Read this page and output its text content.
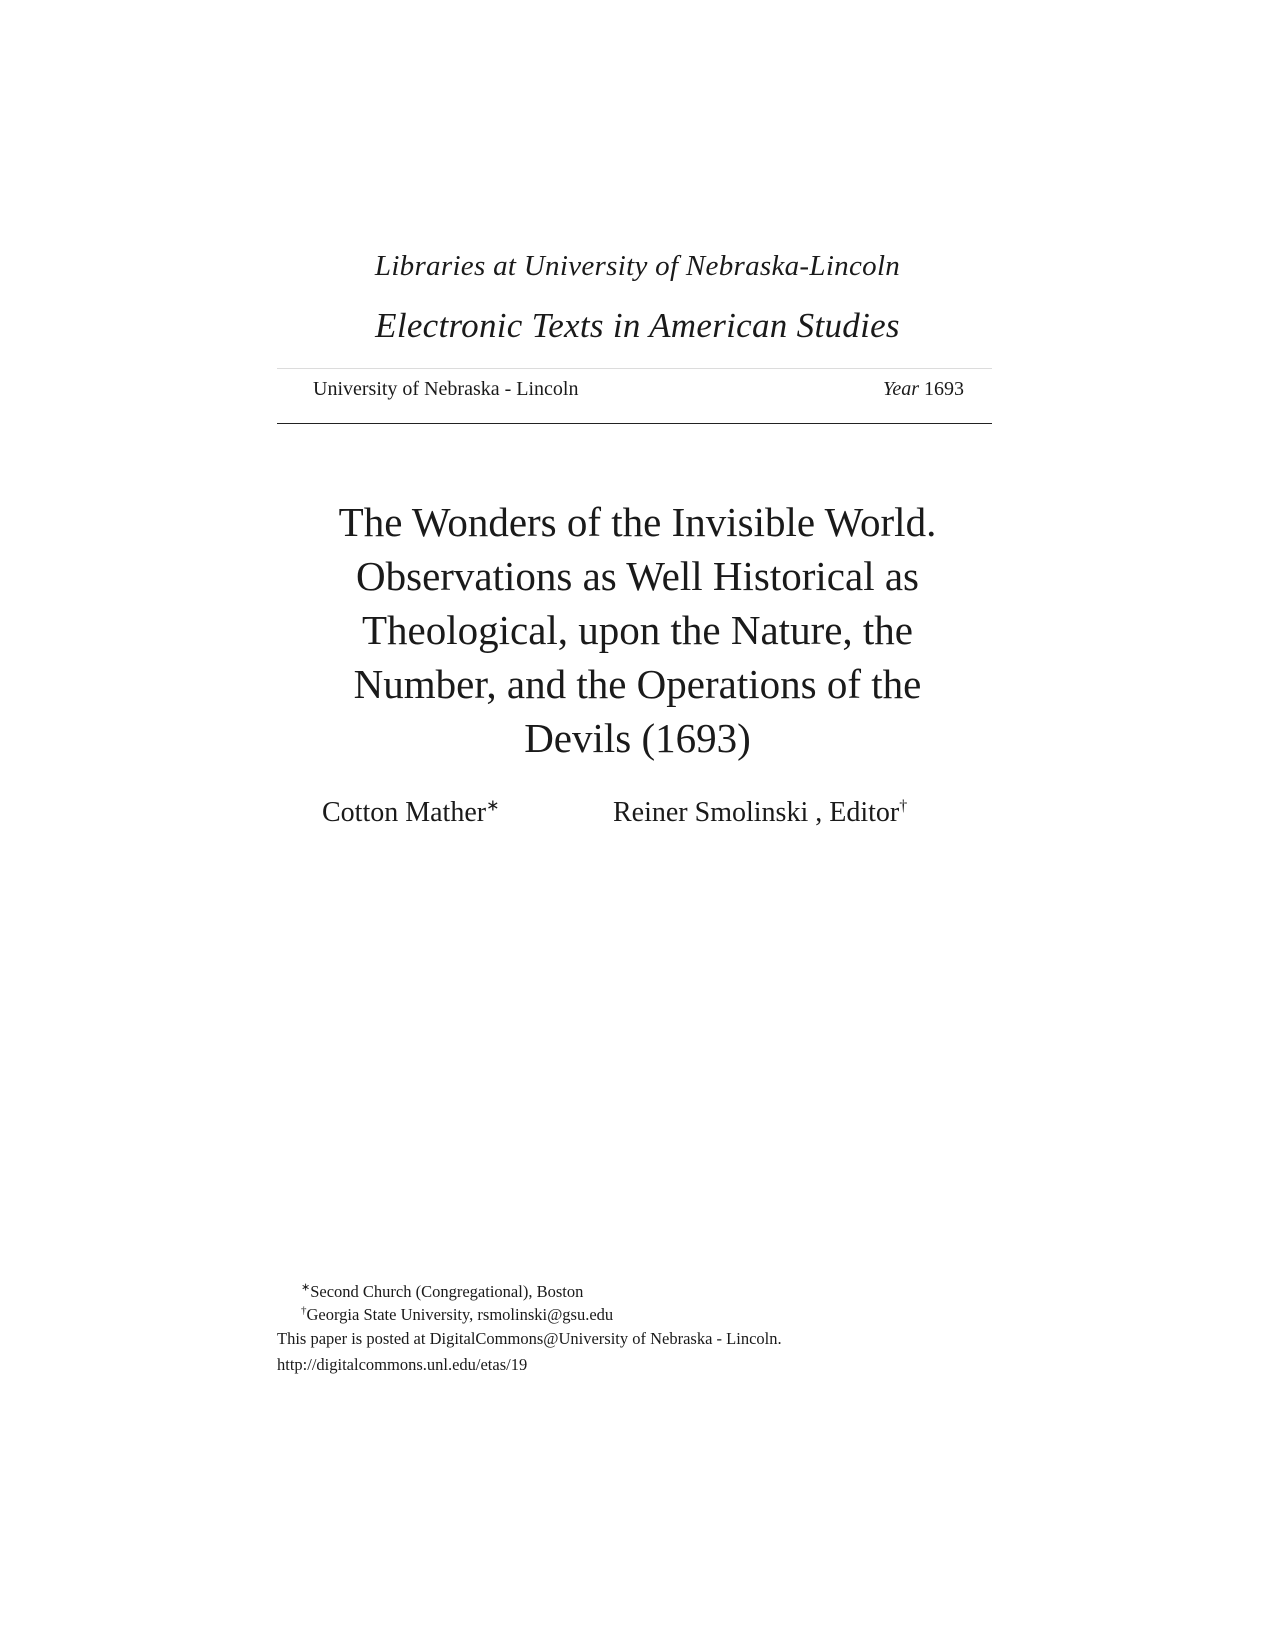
Libraries at University of Nebraska-Lincoln
Electronic Texts in American Studies
University of Nebraska - Lincoln	Year 1693
The Wonders of the Invisible World.
Observations as Well Historical as
Theological, upon the Nature, the
Number, and the Operations of the
Devils (1693)
Cotton Mather∗	Reiner Smolinski , Editor†
∗Second Church (Congregational), Boston
†Georgia State University, rsmolinski@gsu.edu
This paper is posted at DigitalCommons@University of Nebraska - Lincoln.
http://digitalcommons.unl.edu/etas/19
